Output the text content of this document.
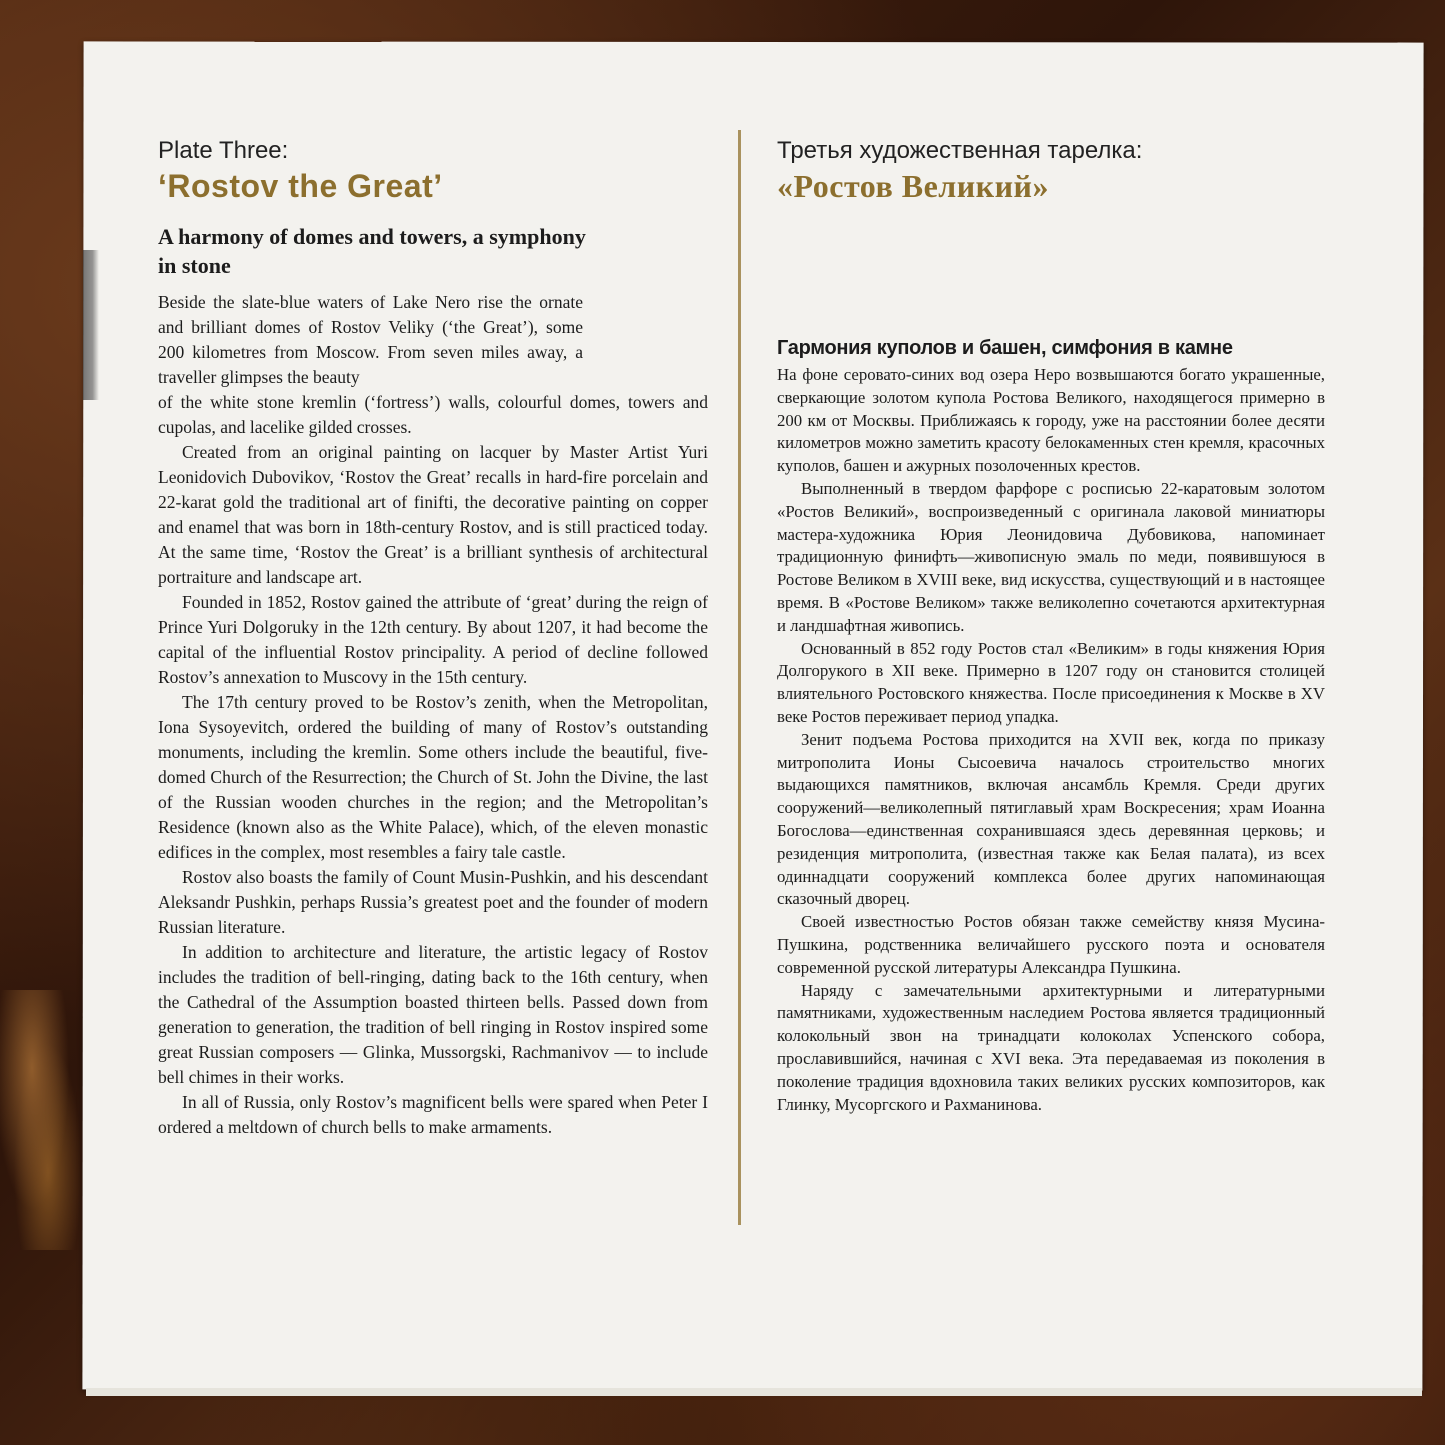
Plate Three:

‘Rostov the Great’

A harmony of domes and towers, a symphony in stone

Beside the slate-blue waters of Lake Nero rise the ornate and brilliant domes of Rostov Veliky (‘the Great’), some 200 kilometres from Moscow. From seven miles away, a traveller glimpses the beauty

of the white stone kremlin (‘fortress’) walls, colourful domes, towers and cupolas, and lacelike gilded crosses.

Created from an original painting on lacquer by Master Artist Yuri Leonidovich Dubovikov, ‘Rostov the Great’ recalls in hard-fire porcelain and 22-karat gold the traditional art of finifti, the decorative painting on copper and enamel that was born in 18th-century Rostov, and is still practiced today. At the same time, ‘Rostov the Great’ is a brilliant synthesis of architectural portraiture and landscape art.

Founded in 1852, Rostov gained the attribute of ‘great’ during the reign of Prince Yuri Dolgoruky in the 12th century. By about 1207, it had become the capital of the influential Rostov principality. A period of decline followed Rostov’s annexation to Muscovy in the 15th century.

The 17th century proved to be Rostov’s zenith, when the Metropolitan, Iona Sysoyevitch, ordered the building of many of Rostov’s outstanding monuments, including the kremlin. Some others include the beautiful, five-domed Church of the Resurrection; the Church of St. John the Divine, the last of the Russian wooden churches in the region; and the Metropolitan’s Residence (known also as the White Palace), which, of the eleven monastic edifices in the complex, most resembles a fairy tale castle.

Rostov also boasts the family of Count Musin-Pushkin, and his descendant Aleksandr Pushkin, perhaps Russia’s greatest poet and the founder of modern Russian literature.

In addition to architecture and literature, the artistic legacy of Rostov includes the tradition of bell-ringing, dating back to the 16th century, when the Cathedral of the Assumption boasted thirteen bells. Passed down from generation to generation, the tradition of bell ringing in Rostov inspired some great Russian composers — Glinka, Mussorgski, Rachmanivov — to include bell chimes in their works.

In all of Russia, only Rostov’s magnificent bells were spared when Peter I ordered a meltdown of church bells to make armaments.

Третья художественная тарелка:

«Ростов Великий»

Гармония куполов и башен, симфония в камне

На фоне серовато-синих вод озера Неро возвышаются богато украшенные, сверкающие золотом купола Ростова Великого, находящегося примерно в 200 км от Москвы. Приближаясь к городу, уже на расстоянии более десяти километров можно заметить красоту белокаменных стен кремля, красочных куполов, башен и ажурных позолоченных крестов.

Выполненный в твердом фарфоре с росписью 22-каратовым золотом «Ростов Великий», воспроизведенный с оригинала лаковой миниатюры мастера-художника Юрия Леонидовича Дубовикова, напоминает традиционную финифть—живописную эмаль по меди, появившуюся в Ростове Великом в XVIII веке, вид искусства, существующий и в настоящее время. В «Ростове Великом» также великолепно сочетаются архитектурная и ландшафтная живопись.

Основанный в 852 году Ростов стал «Великим» в годы княжения Юрия Долгорукого в XII веке. Примерно в 1207 году он становится столицей влиятельного Ростовского княжества. После присоединения к Москве в XV веке Ростов переживает период упадка.

Зенит подъема Ростова приходится на XVII век, когда по приказу митрополита Ионы Сысоевича началось строительство многих выдающихся памятников, включая ансамбль Кремля. Среди других сооружений—великолепный пятиглавый храм Воскресения; храм Иоанна Богослова—единственная сохранившаяся здесь деревянная церковь; и резиденция митрополита, (известная также как Белая палата), из всех одиннадцати сооружений комплекса более других напоминающая сказочный дворец.

Своей известностью Ростов обязан также семейству князя Мусина-Пушкина, родственника величайшего русского поэта и основателя современной русской литературы Александра Пушкина.

Наряду с замечательными архитектурными и литературными памятниками, художественным наследием Ростова является традиционный колокольный звон на тринадцати колоколах Успенского собора, прославившийся, начиная с XVI века. Эта передаваемая из поколения в поколение традиция вдохновила таких великих русских композиторов, как Глинку, Мусоргского и Рахманинова.
